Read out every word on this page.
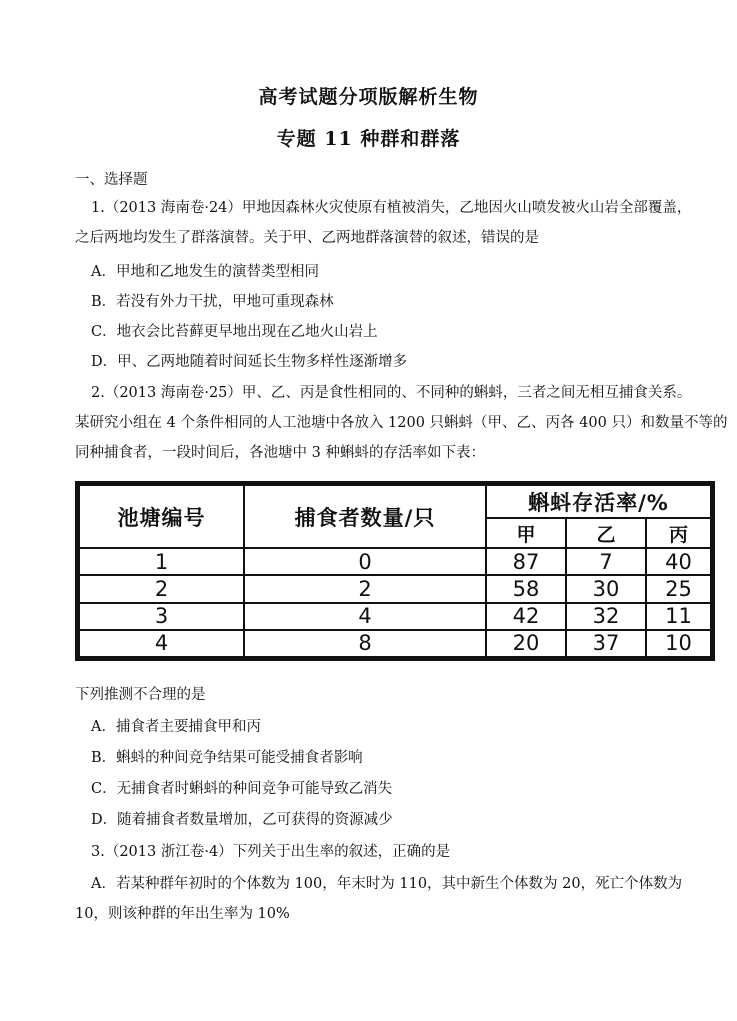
高考试题分项版解析生物
专题 11 种群和群落
一、选择题
1.（2013 海南卷·24）甲地因森林火灾使原有植被消失，乙地因火山喷发被火山岩全部覆盖，
之后两地均发生了群落演替。关于甲、乙两地群落演替的叙述，错误的是
A．甲地和乙地发生的演替类型相同
B．若没有外力干扰，甲地可重现森林
C．地衣会比苔藓更早地出现在乙地火山岩上
D．甲、乙两地随着时间延长生物多样性逐渐增多
2.（2013 海南卷·25）甲、乙、丙是食性相同的、不同种的蝌蚪，三者之间无相互捕食关系。
某研究小组在 4 个条件相同的人工池塘中各放入 1200 只蝌蚪（甲、乙、丙各 400 只）和数量不等的
同种捕食者，一段时间后，各池塘中 3 种蝌蚪的存活率如下表：
池塘编号	捕食者数量/只	蝌蚪存活率/%		
		甲	乙	丙
1	0	87	7	40
2	2	58	30	25
3	4	42	32	11
4	8	20	37	10
下列推测不合理的是
A．捕食者主要捕食甲和丙
B．蝌蚪的种间竞争结果可能受捕食者影响
C．无捕食者时蝌蚪的种间竞争可能导致乙消失
D．随着捕食者数量增加，乙可获得的资源减少
3.（2013 浙江卷·4）下列关于出生率的叙述，正确的是
A．若某种群年初时的个体数为 100，年末时为 110，其中新生个体数为 20，死亡个体数为
10，则该种群的年出生率为 10%
